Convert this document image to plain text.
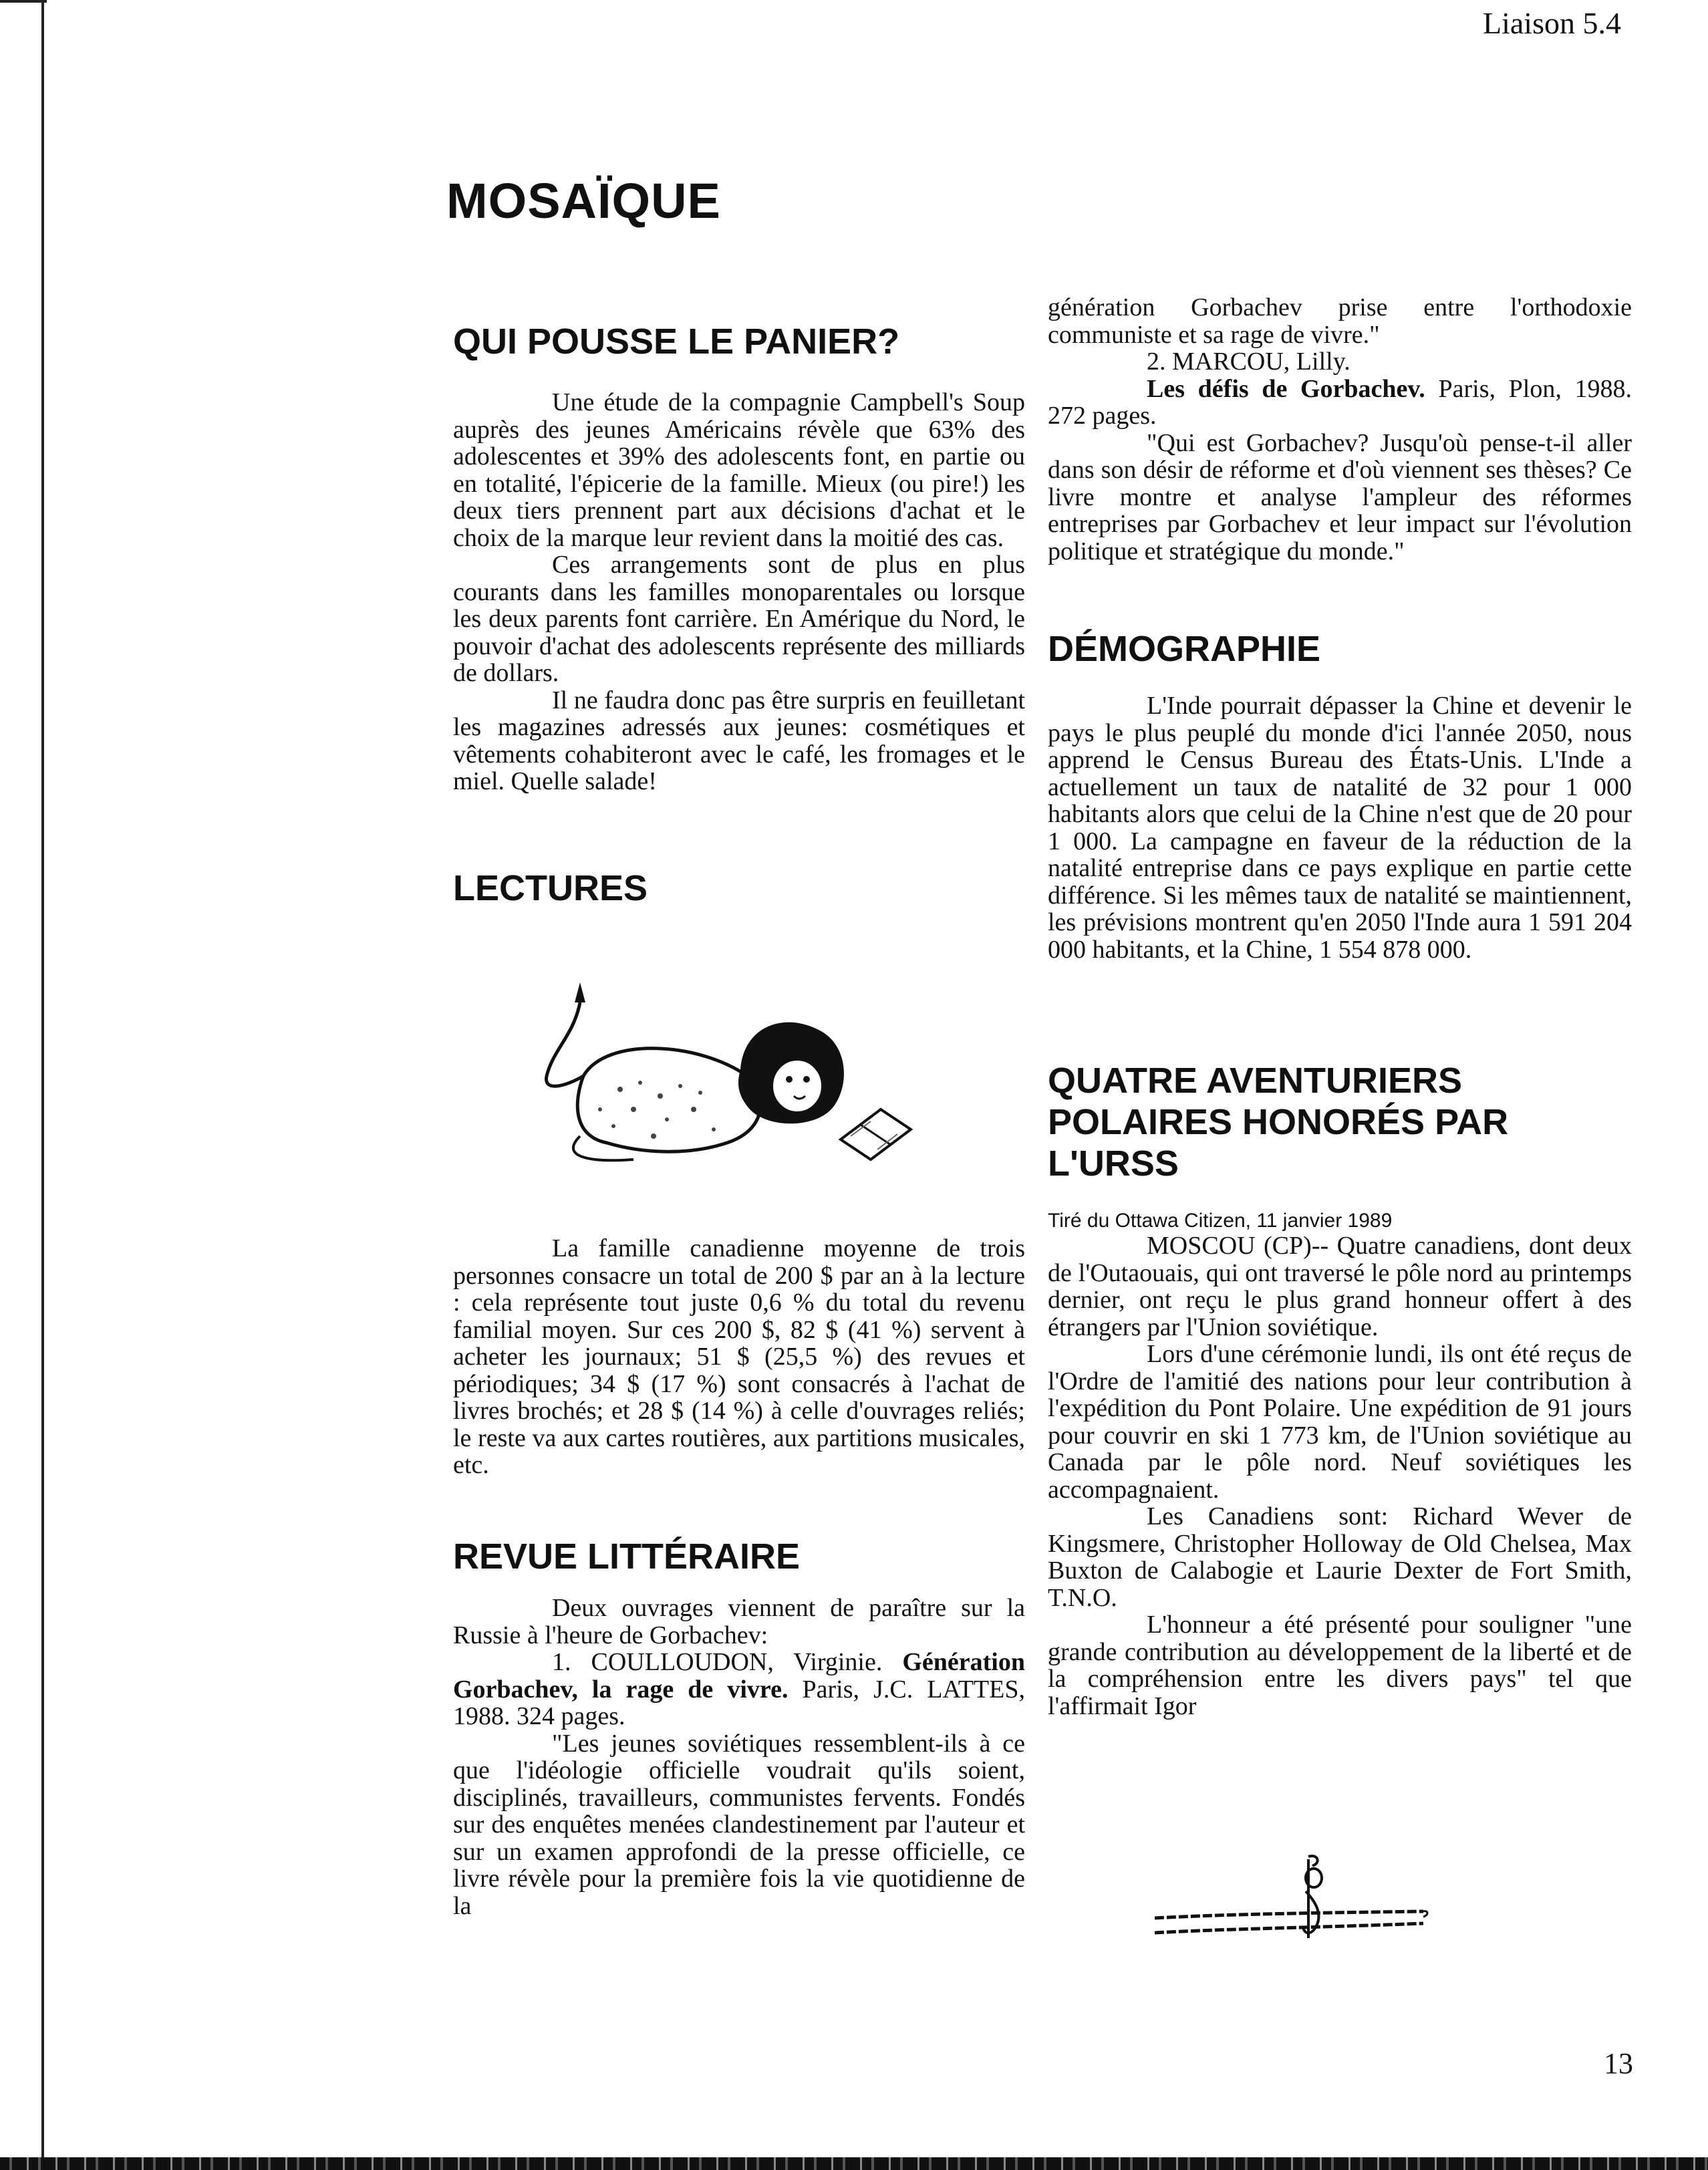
Liaison 5.4
MOSAÏQUE
QUI POUSSE LE PANIER?

Une étude de la compagnie Campbell's Soup auprès des jeunes Américains révèle que 63% des adolescentes et 39% des adolescents font, en partie ou en totalité, l'épicerie de la famille. Mieux (ou pire!) les deux tiers prennent part aux décisions d'achat et le choix de la marque leur revient dans la moitié des cas.

Ces arrangements sont de plus en plus courants dans les familles monoparentales ou lorsque les deux parents font carrière. En Amérique du Nord, le pouvoir d'achat des adolescents représente des milliards de dollars.

Il ne faudra donc pas être surpris en feuilletant les magazines adressés aux jeunes: cosmétiques et vêtements cohabiteront avec le café, les fromages et le miel. Quelle salade!

LECTURES

La famille canadienne moyenne de trois personnes consacre un total de 200 $ par an à la lecture : cela représente tout juste 0,6 % du total du revenu familial moyen. Sur ces 200 $, 82 $ (41 %) servent à acheter les journaux; 51 $ (25,5 %) des revues et périodiques; 34 $ (17 %) sont consacrés à l'achat de livres brochés; et 28 $ (14 %) à celle d'ouvrages reliés; le reste va aux cartes routières, aux partitions musicales, etc.

REVUE LITTÉRAIRE

Deux ouvrages viennent de paraître sur la Russie à l'heure de Gorbachev:

1. COULLOUDON, Virginie. Génération Gorbachev, la rage de vivre. Paris, J.C. LATTES, 1988. 324 pages.

"Les jeunes soviétiques ressemblent-ils à ce que l'idéologie officielle voudrait qu'ils soient, disciplinés, travailleurs, communistes fervents. Fondés sur des enquêtes menées clandestinement par l'auteur et sur un examen approfondi de la presse officielle, ce livre révèle pour la première fois la vie quotidienne de la

génération Gorbachev prise entre l'orthodoxie communiste et sa rage de vivre."

2. MARCOU, Lilly.

Les défis de Gorbachev. Paris, Plon, 1988. 272 pages.

"Qui est Gorbachev? Jusqu'où pense-t-il aller dans son désir de réforme et d'où viennent ses thèses? Ce livre montre et analyse l'ampleur des réformes entreprises par Gorbachev et leur impact sur l'évolution politique et stratégique du monde."

DÉMOGRAPHIE

L'Inde pourrait dépasser la Chine et devenir le pays le plus peuplé du monde d'ici l'année 2050, nous apprend le Census Bureau des États-Unis. L'Inde a actuellement un taux de natalité de 32 pour 1 000 habitants alors que celui de la Chine n'est que de 20 pour 1 000. La campagne en faveur de la réduction de la natalité entreprise dans ce pays explique en partie cette différence. Si les mêmes taux de natalité se maintiennent, les prévisions montrent qu'en 2050 l'Inde aura 1 591 204 000 habitants, et la Chine, 1 554 878 000.

QUATRE AVENTURIERS
POLAIRES HONORÉS PAR
L'URSS

Tiré du Ottawa Citizen, 11 janvier 1989

MOSCOU (CP)-- Quatre canadiens, dont deux de l'Outaouais, qui ont traversé le pôle nord au printemps dernier, ont reçu le plus grand honneur offert à des étrangers par l'Union soviétique.

Lors d'une cérémonie lundi, ils ont été reçus de l'Ordre de l'amitié des nations pour leur contribution à l'expédition du Pont Polaire. Une expédition de 91 jours pour couvrir en ski 1 773 km, de l'Union soviétique au Canada par le pôle nord. Neuf soviétiques les accompagnaient.

Les Canadiens sont: Richard Wever de Kingsmere, Christopher Holloway de Old Chelsea, Max Buxton de Calabogie et Laurie Dexter de Fort Smith, T.N.O.

L'honneur a été présenté pour souligner "une grande contribution au développement de la liberté et de la compréhension entre les divers pays" tel que l'affirmait Igor

13
